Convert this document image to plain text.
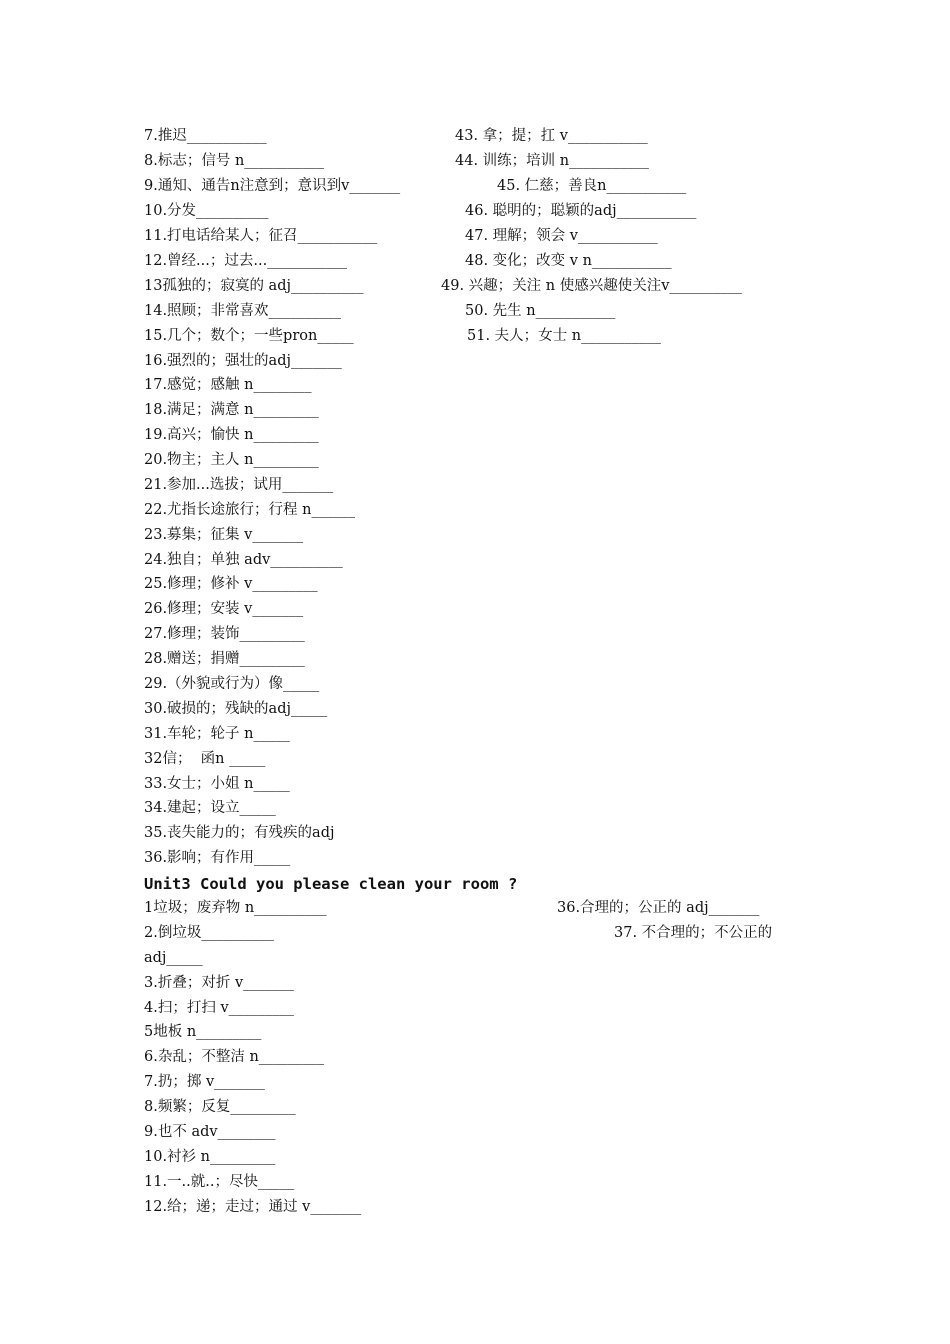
7.推迟___________
8.标志；信号 n___________
9.通知、通告n注意到；意识到v_______
10.分发__________
11.打电话给某人；征召___________
12.曾经...；过去...___________
13孤独的；寂寞的 adj__________
14.照顾；非常喜欢__________
15.几个；数个；一些pron_____
16.强烈的；强壮的adj_______
17.感觉；感触 n________
18.满足；满意 n_________
19.高兴；愉快 n_________
20.物主；主人 n_________
21.参加...选拔；试用_______
22.尤指长途旅行；行程 n______
23.募集；征集 v_______
24.独自；单独 adv__________
25.修理；修补 v_________
26.修理；安装 v_______
27.修理；装饰_________
28.赠送；捐赠_________
29.（外貌或行为）像_____
30.破损的；残缺的adj_____
31.车轮；轮子 n_____
32信；  函n _____
33.女士；小姐 n_____
34.建起；设立_____
35.丧失能力的；有残疾的adj
36.影响；有作用_____
43. 拿；提；扛 v___________
44. 训练；培训 n___________
45. 仁慈；善良n___________
46. 聪明的；聪颖的adj___________
47. 理解；领会 v___________
48. 变化；改变 v n___________
49. 兴趣；关注 n 使感兴趣使关注v__________
50. 先生 n___________
51. 夫人；女士 n___________
Unit3 Could you please clean your room ?
1垃圾；废弃物 n__________
2.倒垃圾__________
adj_____
3.折叠；对折 v_______
4.扫；打扫 v_________
5地板 n_________
6.杂乱；不整洁 n_________
7.扔；掷 v_______
8.频繁；反复_________
9.也不 adv________
10.衬衫 n_________
11.一..就..；尽快_____
12.给；递；走过；通过 v_______
36.合理的；公正的 adj_______
37. 不合理的；不公正的
